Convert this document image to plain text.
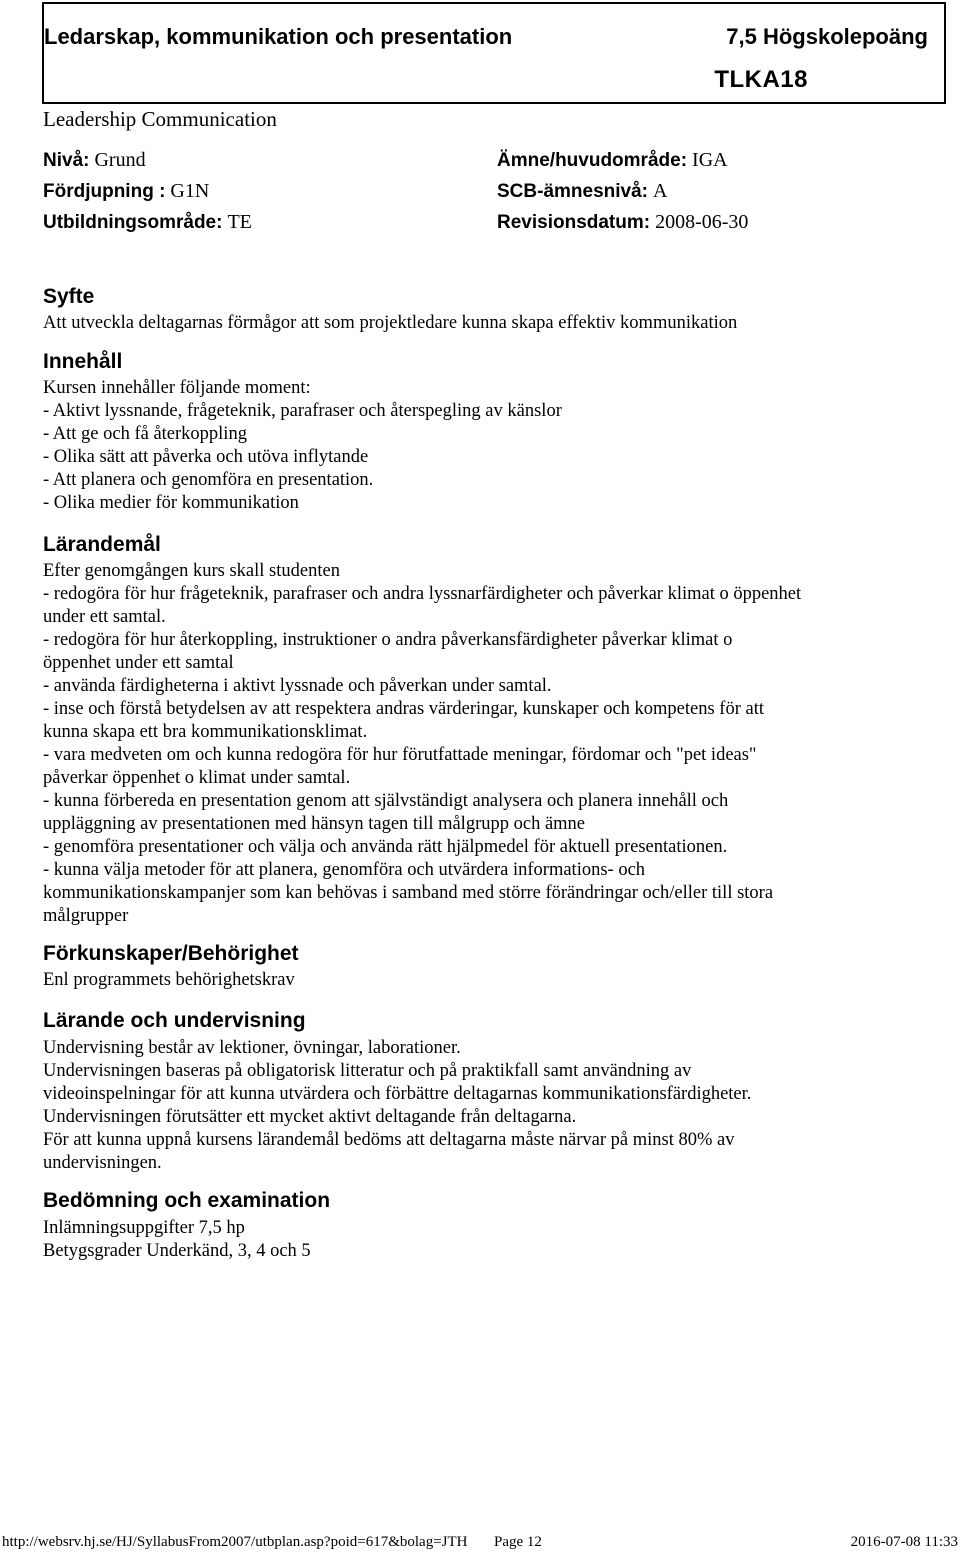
Ledarskap, kommunikation och presentation	7,5 Högskolepoäng
TLKA18
Leadership Communication
Nivå: Grund	Ämne/huvudområde: IGA
Fördjupning : G1N	SCB-ämnesnivå: A
Utbildningsområde: TE	Revisionsdatum: 2008-06-30
Syfte
Att utveckla deltagarnas förmågor att som projektledare kunna skapa effektiv kommunikation
Innehåll
Kursen innehåller följande moment:
- Aktivt lyssnande, frågeteknik, parafraser och återspegling av känslor
- Att ge och få återkoppling
- Olika sätt att påverka och utöva inflytande
- Att planera och genomföra en presentation.
- Olika medier för kommunikation
Lärandemål
Efter genomgången kurs skall studenten
- redogöra för hur frågeteknik, parafraser och andra lyssnarfärdigheter och påverkar klimat o öppenhet
under ett samtal.
- redogöra för hur återkoppling, instruktioner o andra påverkansfärdigheter påverkar klimat o
öppenhet under ett samtal
- använda färdigheterna i aktivt lyssnade och påverkan under samtal.
- inse och förstå betydelsen av att respektera andras värderingar, kunskaper och kompetens för att
kunna skapa ett bra kommunikationsklimat.
- vara medveten om och kunna redogöra för hur förutfattade meningar, fördomar och "pet ideas"
påverkar öppenhet o klimat under samtal.
- kunna förbereda en presentation genom att självständigt analysera och planera innehåll och
uppläggning av presentationen med hänsyn tagen till målgrupp och ämne
- genomföra presentationer och välja och använda rätt hjälpmedel för aktuell presentationen.
- kunna välja metoder för att planera, genomföra och utvärdera informations- och
kommunikationskampanjer som kan behövas i samband med större förändringar och/eller till stora
målgrupper
Förkunskaper/Behörighet
Enl programmets behörighetskrav
Lärande och undervisning
Undervisning består av lektioner, övningar, laborationer.
Undervisningen baseras på obligatorisk litteratur och på praktikfall samt användning av
videoinspelningar för att kunna utvärdera och förbättre deltagarnas kommunikationsfärdigheter.
Undervisningen förutsätter ett mycket aktivt deltagande från deltagarna.
För att kunna uppnå kursens lärandemål bedöms att deltagarna måste närvar på minst 80% av
undervisningen.
Bedömning och examination
Inlämningsuppgifter 7,5 hp
Betygsgrader Underkänd, 3, 4 och 5
http://websrv.hj.se/HJ/SyllabusFrom2007/utbplan.asp?poid=617&bolag=JTH Page 12	2016-07-08 11:33
